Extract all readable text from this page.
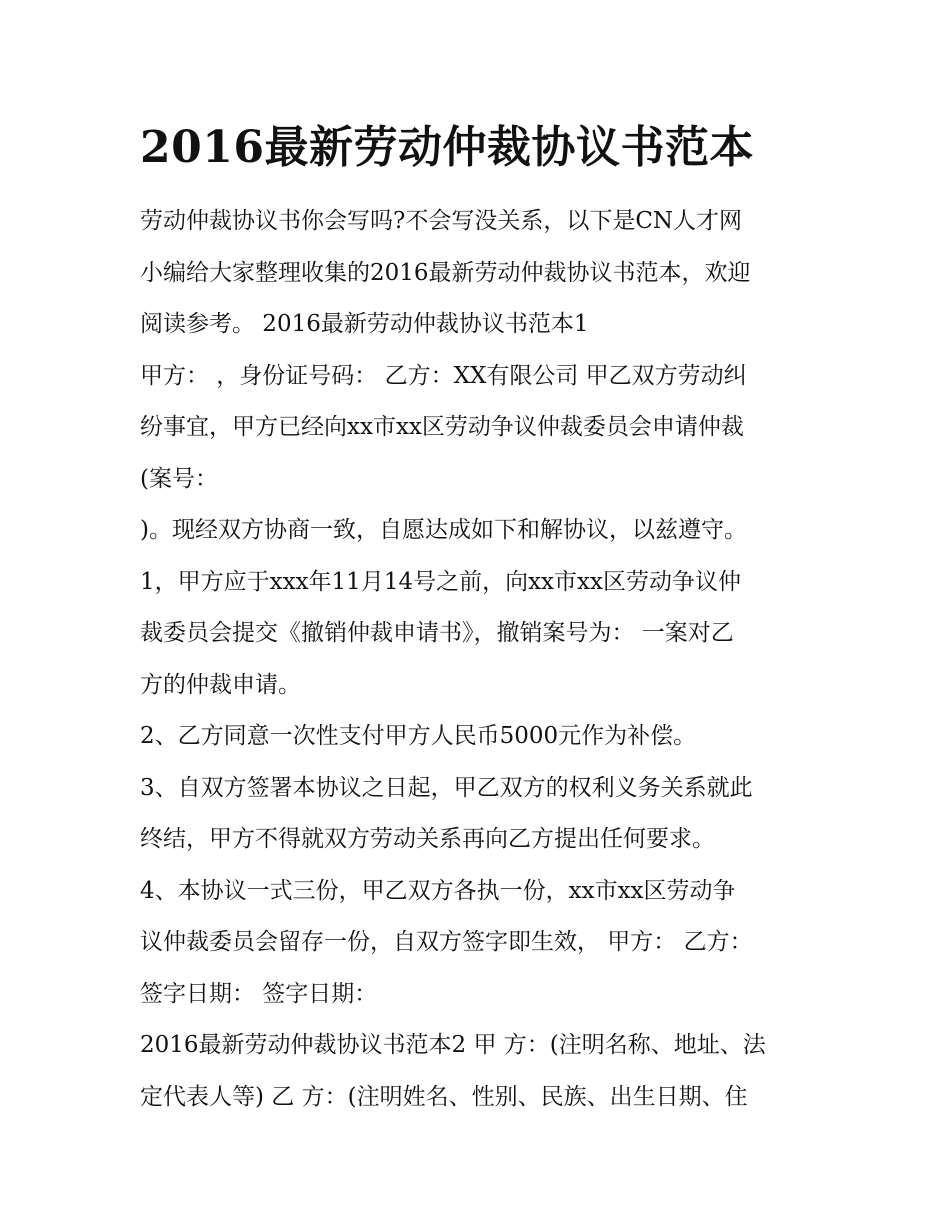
2016最新劳动仲裁协议书范本
劳动仲裁协议书你会写吗?不会写没关系，以下是CN人才网
小编给大家整理收集的2016最新劳动仲裁协议书范本，欢迎
阅读参考。 2016最新劳动仲裁协议书范本1
甲方： ，身份证号码： 乙方：XX有限公司 甲乙双方劳动纠
纷事宜，甲方已经向xx市xx区劳动争议仲裁委员会申请仲裁
(案号：
)。现经双方协商一致，自愿达成如下和解协议，以兹遵守。
1，甲方应于xxx年11月14号之前，向xx市xx区劳动争议仲
裁委员会提交《撤销仲裁申请书》，撤销案号为： 一案对乙
方的仲裁申请。
2、乙方同意一次性支付甲方人民币5000元作为补偿。
3、自双方签署本协议之日起，甲乙双方的权利义务关系就此
终结，甲方不得就双方劳动关系再向乙方提出任何要求。
4、本协议一式三份，甲乙双方各执一份，xx市xx区劳动争
议仲裁委员会留存一份，自双方签字即生效， 甲方： 乙方：
签字日期： 签字日期：
2016最新劳动仲裁协议书范本2 甲 方：(注明名称、地址、法
定代表人等) 乙 方：(注明姓名、性别、民族、出生日期、住
